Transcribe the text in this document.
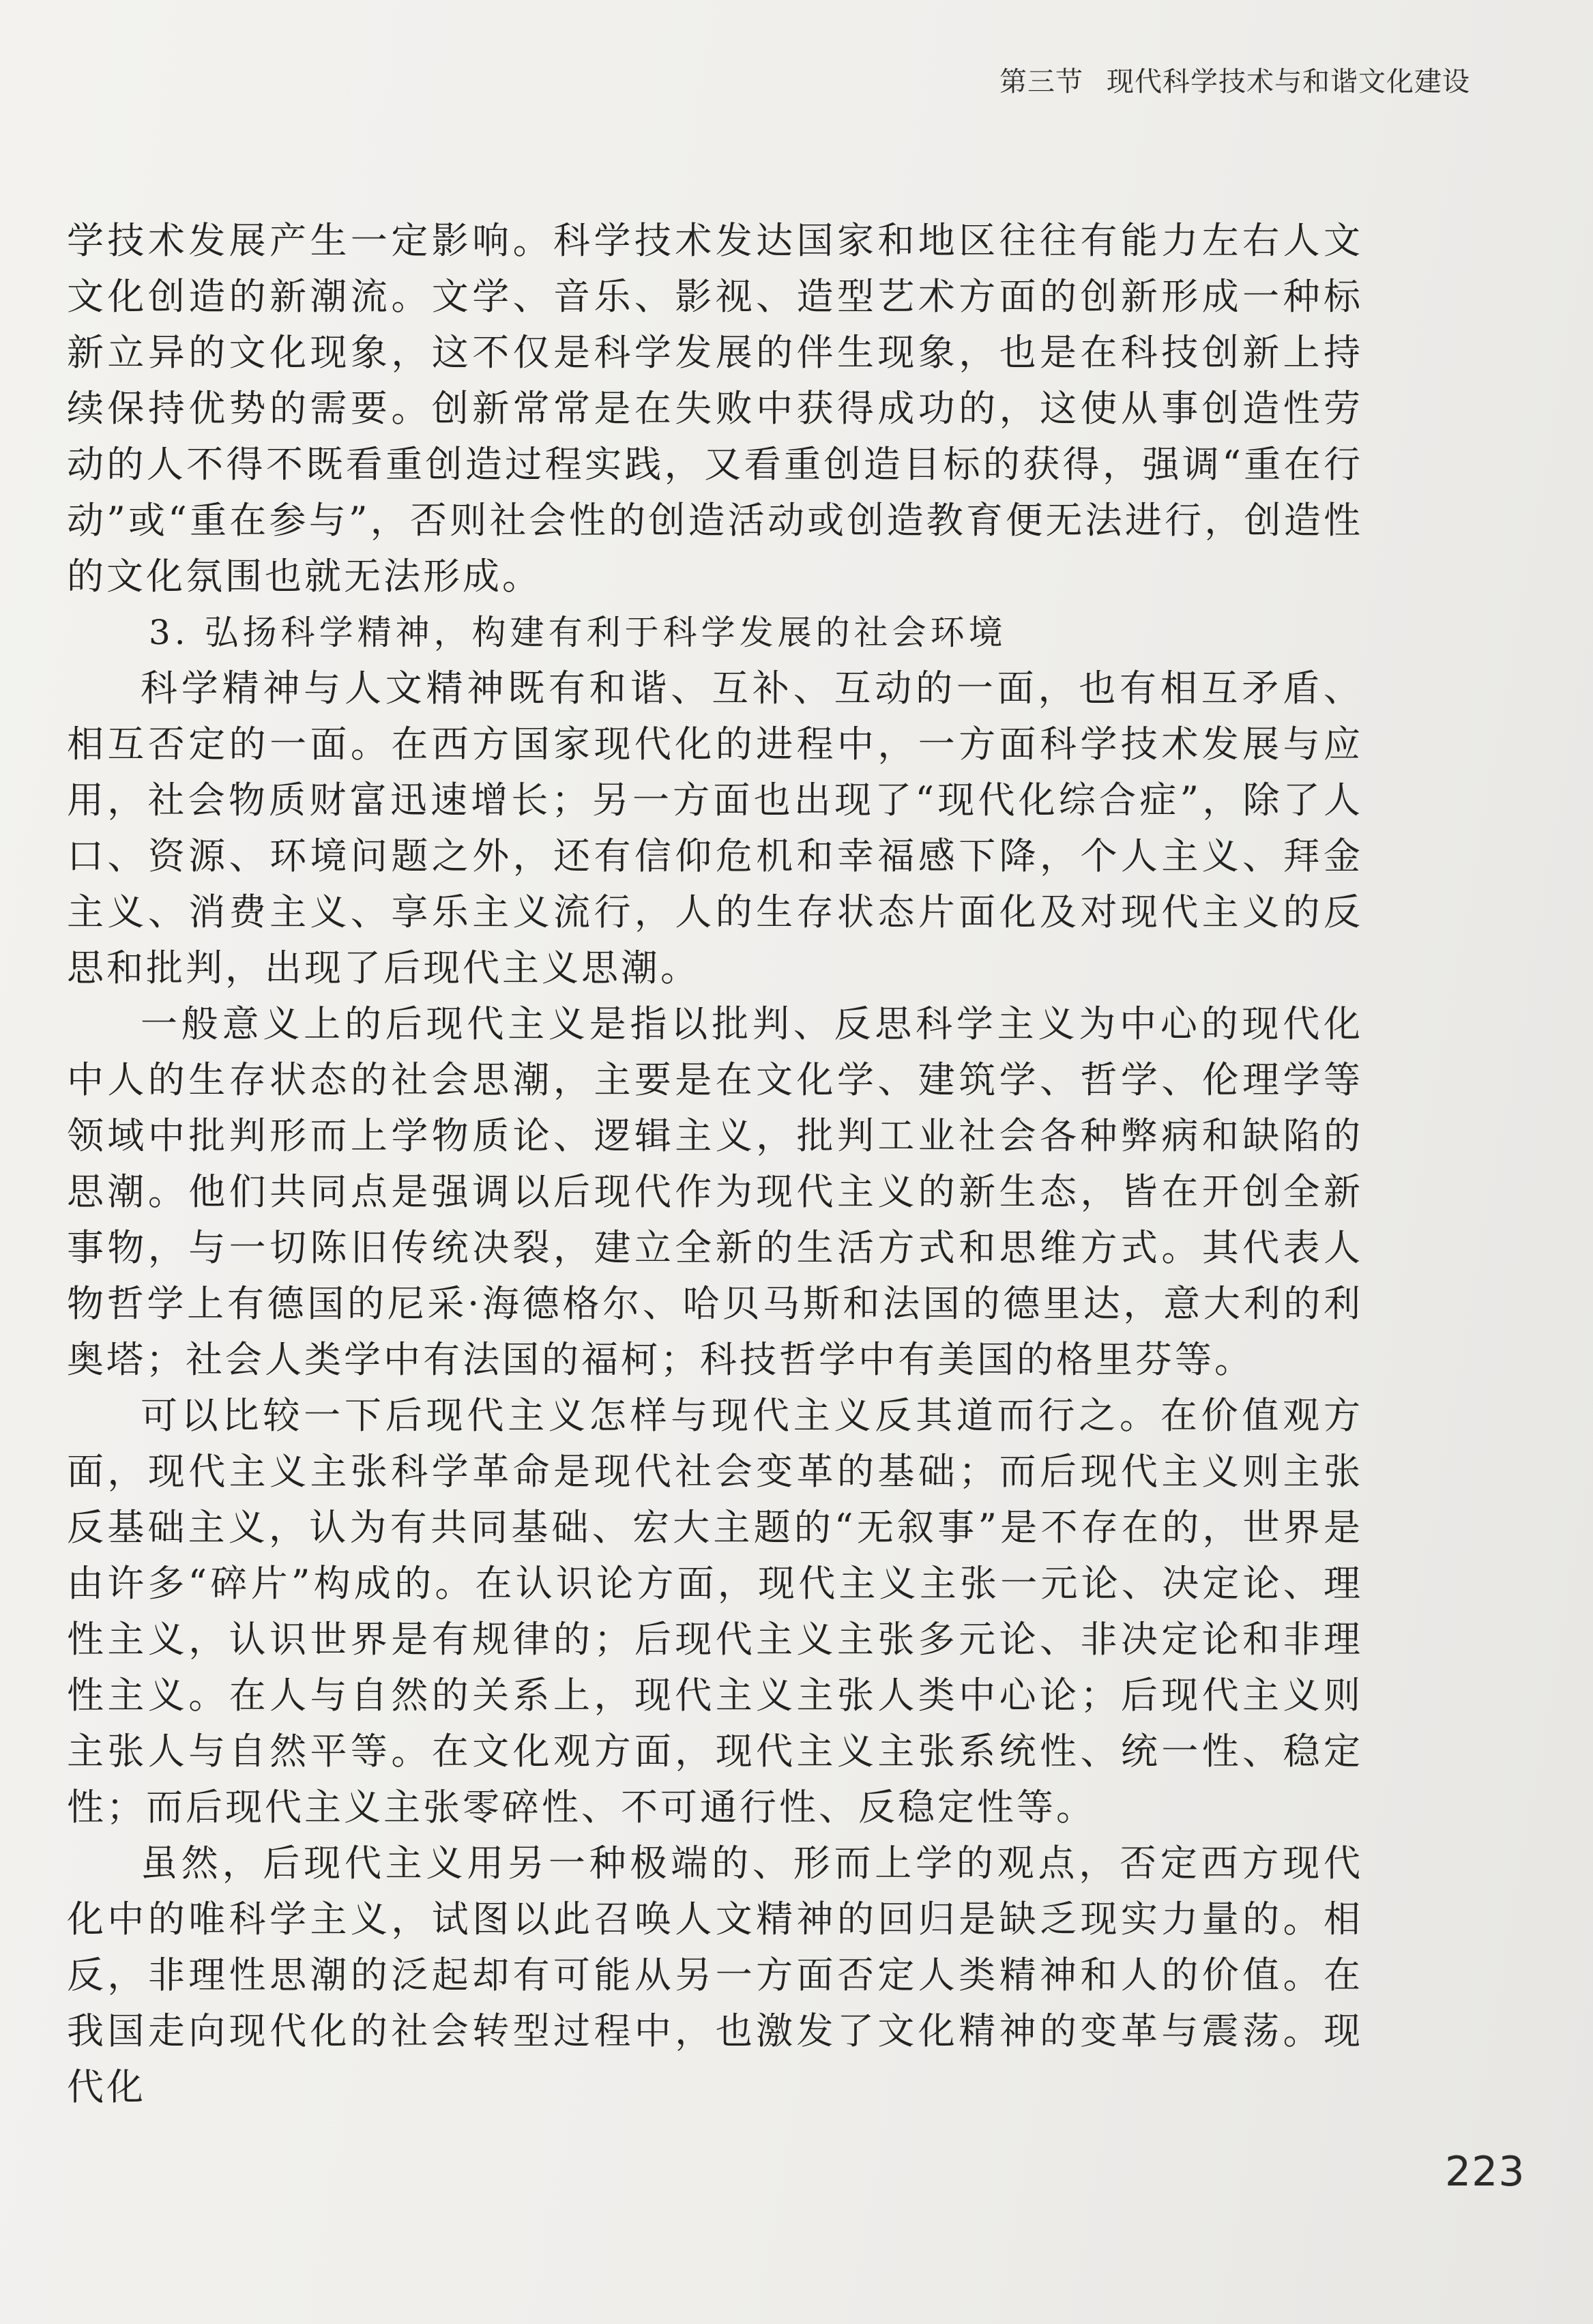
第三节 现代科学技术与和谐文化建设

学技术发展产生一定影响。科学技术发达国家和地区往往有能力左右人文文化创造的新潮流。文学、音乐、影视、造型艺术方面的创新形成一种标新立异的文化现象，这不仅是科学发展的伴生现象，也是在科技创新上持续保持优势的需要。创新常常是在失败中获得成功的，这使从事创造性劳动的人不得不既看重创造过程实践，又看重创造目标的获得，强调“重在行动”或“重在参与”，否则社会性的创造活动或创造教育便无法进行，创造性的文化氛围也就无法形成。

3. 弘扬科学精神，构建有利于科学发展的社会环境

科学精神与人文精神既有和谐、互补、互动的一面，也有相互矛盾、相互否定的一面。在西方国家现代化的进程中，一方面科学技术发展与应用，社会物质财富迅速增长；另一方面也出现了“现代化综合症”，除了人口、资源、环境问题之外，还有信仰危机和幸福感下降，个人主义、拜金主义、消费主义、享乐主义流行，人的生存状态片面化及对现代主义的反思和批判，出现了后现代主义思潮。

一般意义上的后现代主义是指以批判、反思科学主义为中心的现代化中人的生存状态的社会思潮，主要是在文化学、建筑学、哲学、伦理学等领域中批判形而上学物质论、逻辑主义，批判工业社会各种弊病和缺陷的思潮。他们共同点是强调以后现代作为现代主义的新生态，皆在开创全新事物，与一切陈旧传统决裂，建立全新的生活方式和思维方式。其代表人物哲学上有德国的尼采·海德格尔、哈贝马斯和法国的德里达，意大利的利奥塔；社会人类学中有法国的福柯；科技哲学中有美国的格里芬等。

可以比较一下后现代主义怎样与现代主义反其道而行之。在价值观方面，现代主义主张科学革命是现代社会变革的基础；而后现代主义则主张反基础主义，认为有共同基础、宏大主题的“无叙事”是不存在的，世界是由许多“碎片”构成的。在认识论方面，现代主义主张一元论、决定论、理性主义，认识世界是有规律的；后现代主义主张多元论、非决定论和非理性主义。在人与自然的关系上，现代主义主张人类中心论；后现代主义则主张人与自然平等。在文化观方面，现代主义主张系统性、统一性、稳定性；而后现代主义主张零碎性、不可通行性、反稳定性等。

虽然，后现代主义用另一种极端的、形而上学的观点，否定西方现代化中的唯科学主义，试图以此召唤人文精神的回归是缺乏现实力量的。相反，非理性思潮的泛起却有可能从另一方面否定人类精神和人的价值。在我国走向现代化的社会转型过程中，也激发了文化精神的变革与震荡。现代化

223
